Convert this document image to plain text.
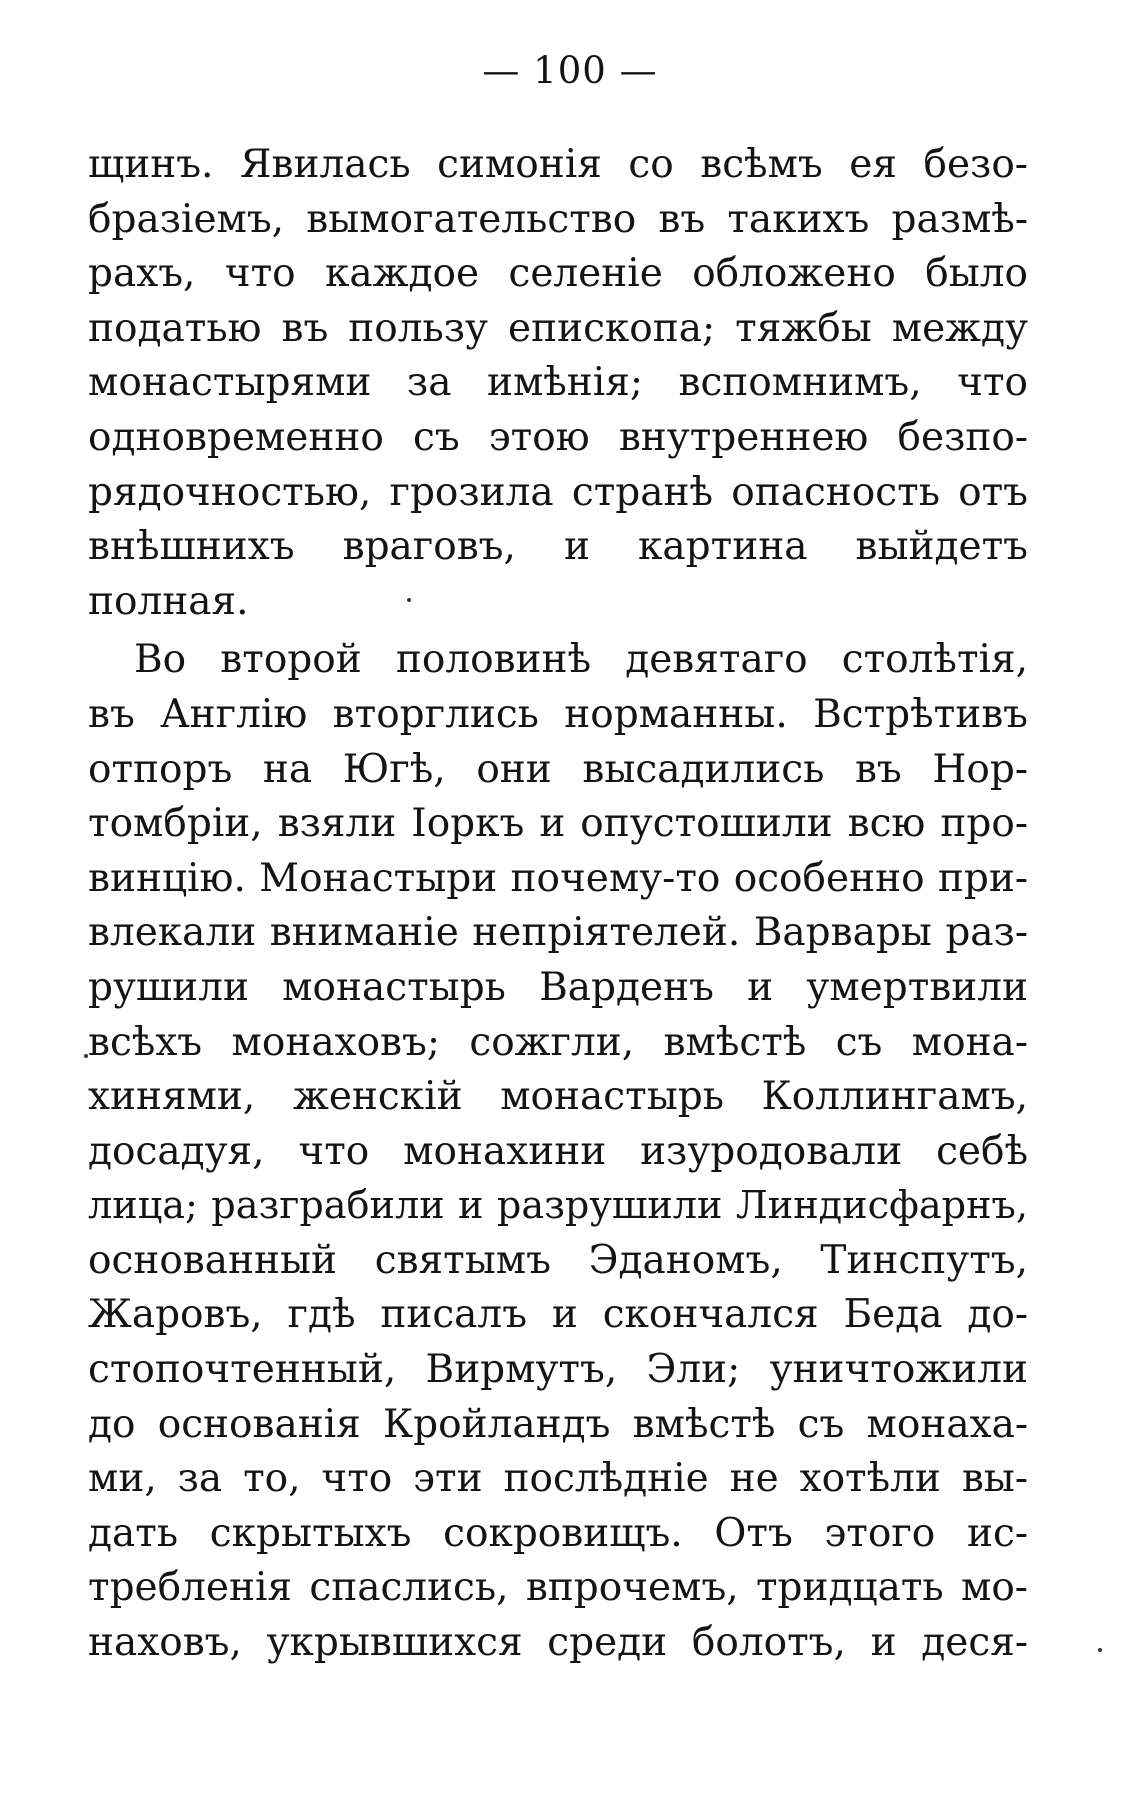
— 100 —
щинъ. Явилась симонія со всѣмъ ея безо-
бразіемъ, вымогательство въ такихъ размѣ-
рахъ, что каждое селеніе обложено было
податью въ пользу епископа; тяжбы между
монастырями за имѣнія; вспомнимъ, что
одновременно съ этою внутреннею безпо-
рядочностью, грозила странѣ опасность отъ
внѣшнихъ враговъ, и картина выйдетъ
полная.
Во второй половинѣ девятаго столѣтія,
въ Англію вторглись норманны. Встрѣтивъ
отпоръ на Югѣ, они высадились въ Нор-
томбріи, взяли Іоркъ и опустошили всю про-
винцію. Монастыри почему-то особенно при-
влекали вниманіе непріятелей. Варвары раз-
рушили монастырь Варденъ и умертвили
всѣхъ монаховъ; сожгли, вмѣстѣ съ мона-
хинями, женскій монастырь Коллингамъ,
досадуя, что монахини изуродовали себѣ
лица; разграбили и разрушили Линдисфарнъ,
основанный святымъ Эданомъ, Тинспутъ,
Жаровъ, гдѣ писалъ и скончался Беда до-
стопочтенный, Вирмутъ, Эли; уничтожили
до основанія Кройландъ вмѣстѣ съ монаха-
ми, за то, что эти послѣдніе не хотѣли вы-
дать скрытыхъ сокровищъ. Отъ этого ис-
требленія спаслись, впрочемъ, тридцать мо-
наховъ, укрывшихся среди болотъ, и деся-
